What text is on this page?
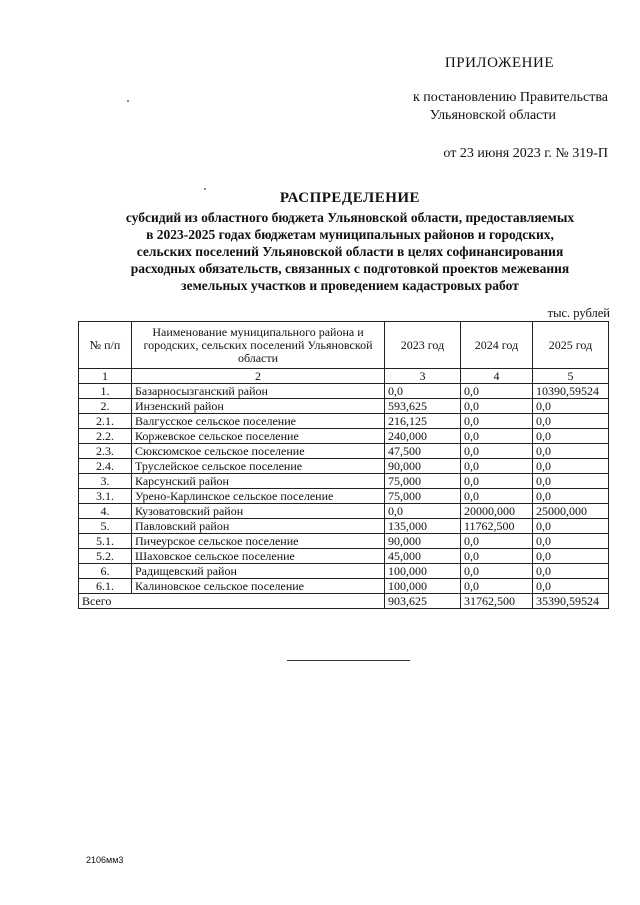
ПРИЛОЖЕНИЕ
к постановлению Правительства
Ульяновской области
от 23 июня 2023 г. № 319-П
РАСПРЕДЕЛЕНИЕ
субсидий из областного бюджета Ульяновской области, предоставляемых
в 2023-2025 годах бюджетам муниципальных районов и городских,
сельских поселений Ульяновской области в целях софинансирования
расходных обязательств, связанных с подготовкой проектов межевания
земельных участков и проведением кадастровых работ
тыс. рублей
№ п/п	Наименование муниципального района и городских, сельских поселений Ульяновской области	2023 год	2024 год	2025 год
1	2	3	4	5
1.	Базарносызганский район	0,0	0,0	10390,59524
2.	Инзенский район	593,625	0,0	0,0
2.1.	Валгусское сельское поселение	216,125	0,0	0,0
2.2.	Коржевское сельское поселение	240,000	0,0	0,0
2.3.	Сюксюмское сельское поселение	47,500	0,0	0,0
2.4.	Труслейское сельское поселение	90,000	0,0	0,0
3.	Карсунский район	75,000	0,0	0,0
3.1.	Урено-Карлинское сельское поселение	75,000	0,0	0,0
4.	Кузоватовский район	0,0	20000,000	25000,000
5.	Павловский район	135,000	11762,500	0,0
5.1.	Пичеурское сельское поселение	90,000	0,0	0,0
5.2.	Шаховское сельское поселение	45,000	0,0	0,0
6.	Радищевский район	100,000	0,0	0,0
6.1.	Калиновское сельское поселение	100,000	0,0	0,0
Всего		903,625	31762,500	35390,59524
2106мм3
